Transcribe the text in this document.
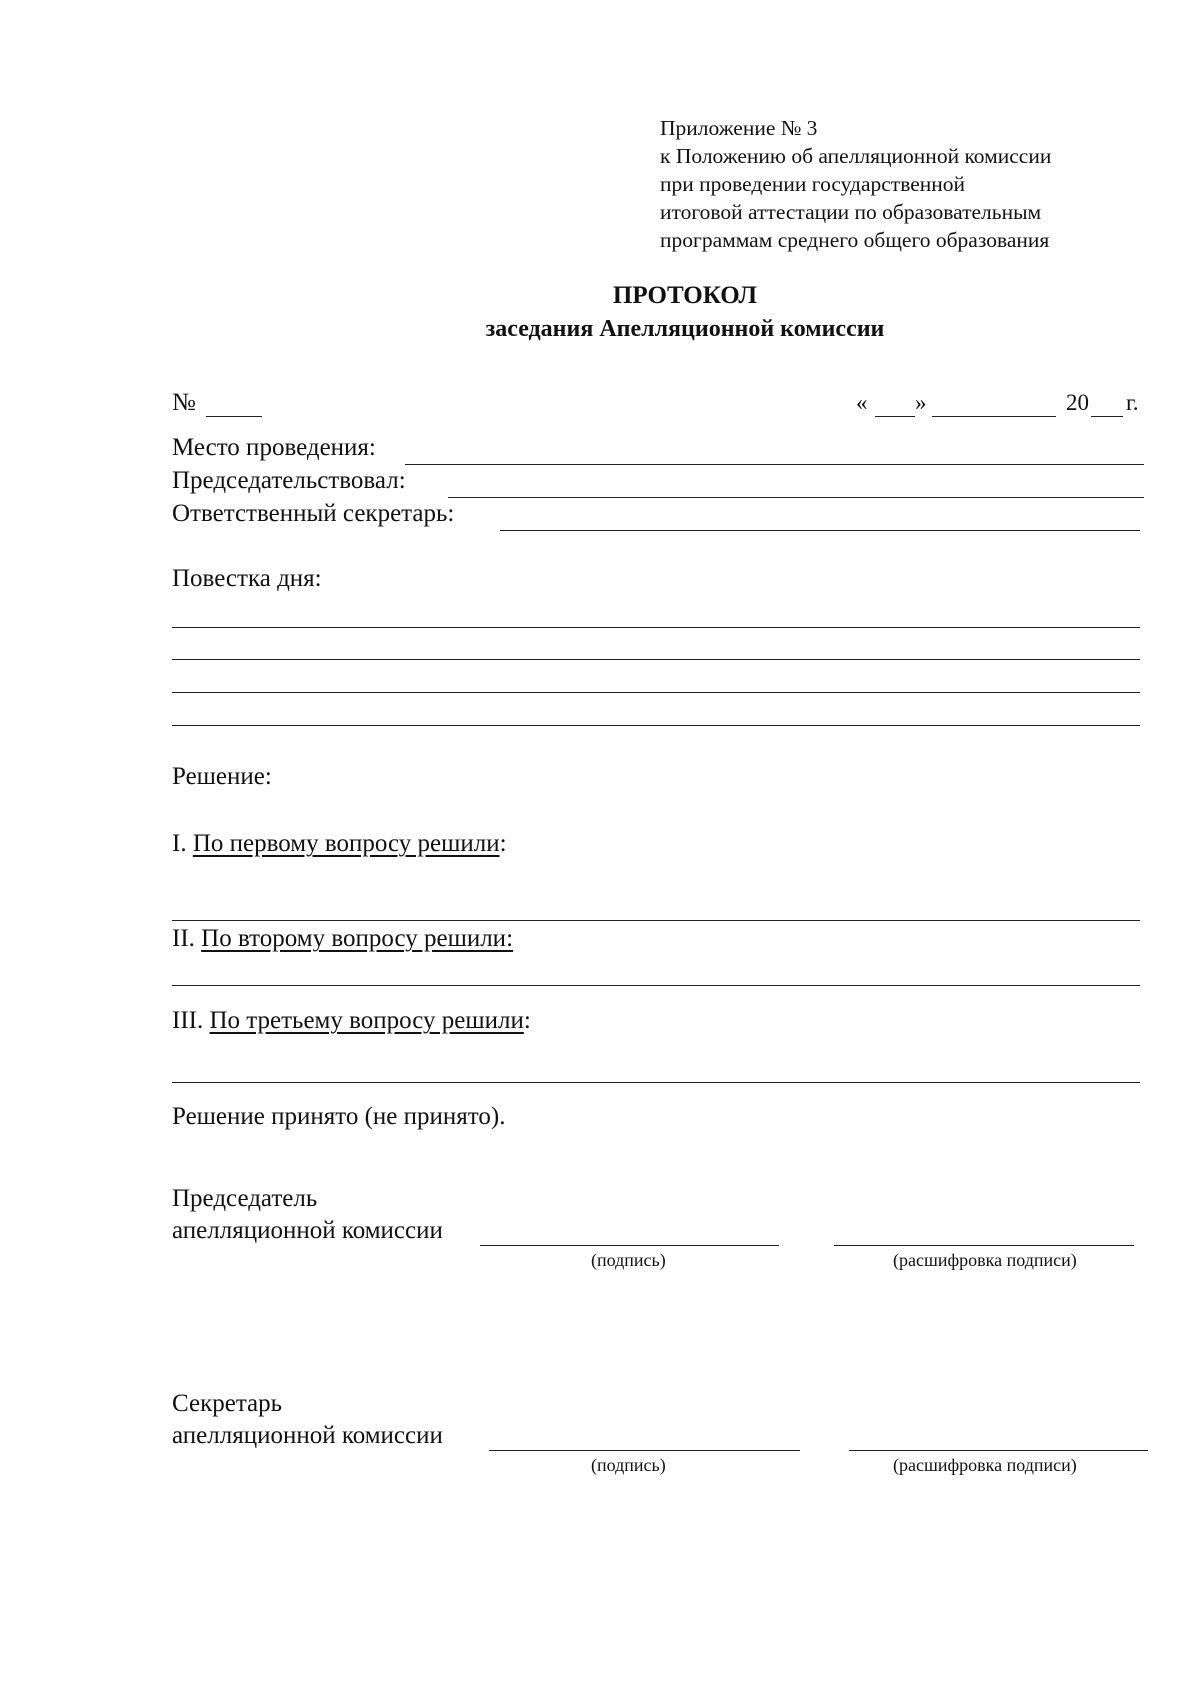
Приложение № 3
к Положению об апелляционной комиссии
при проведении государственной
итоговой аттестации по образовательным
программам среднего общего образования
ПРОТОКОЛ
заседания Апелляционной комиссии
№	« »	20 г.
Место проведения:
Председательствовал:
Ответственный секретарь:
Повестка дня:
Решение:
I. По первому вопросу решили:
II. По второму вопросу решили:
III. По третьему вопросу решили:
Решение принято (не принято).
Председатель
апелляционной комиссии
(подпись)	(расшифровка подписи)
Секретарь
апелляционной комиссии
(подпись)	(расшифровка подписи)
